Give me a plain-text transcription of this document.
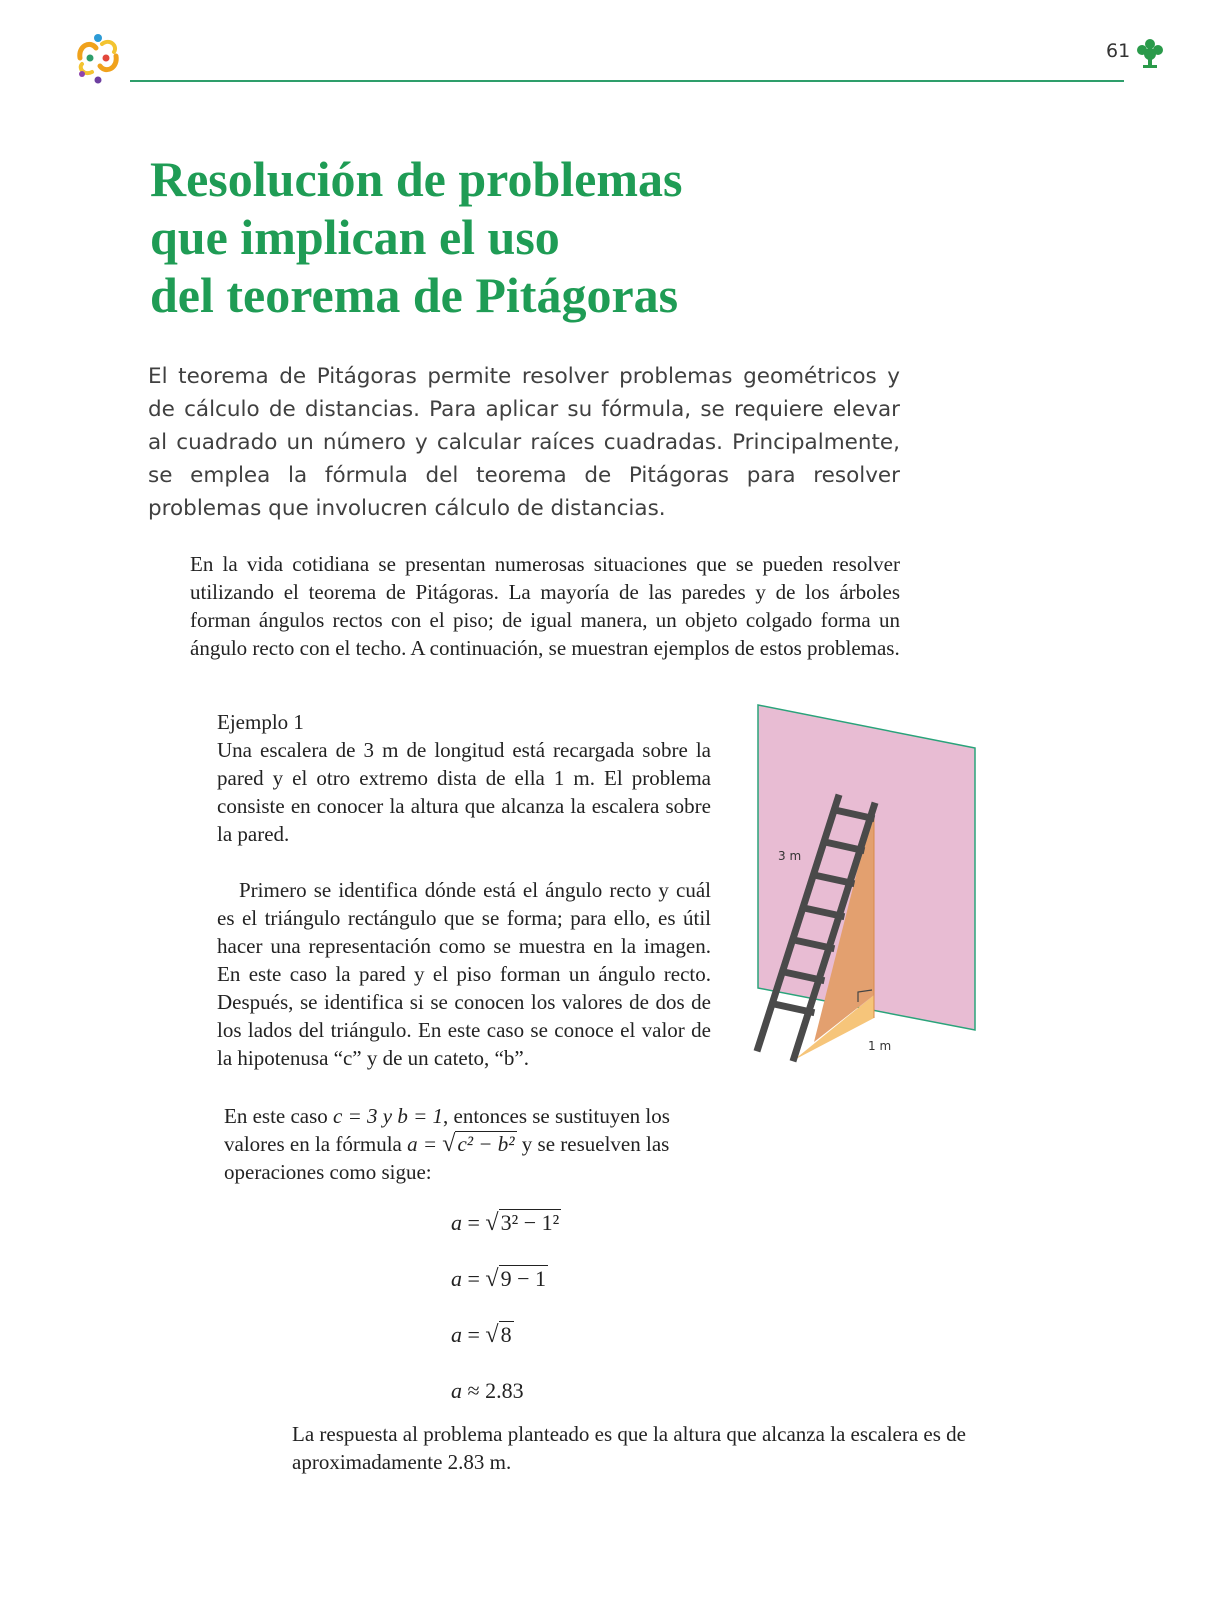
61
Resolución de problemas
que implican el uso
del teorema de Pitágoras

El teorema de Pitágoras permite resolver problemas geométricos y de cálculo de distancias. Para aplicar su fórmula, se requiere elevar al cuadrado un número y calcular raíces cuadradas. Principalmente, se emplea la fórmula del teorema de Pitágoras para resolver problemas que involucren cálculo de distancias.

En la vida cotidiana se presentan numerosas situaciones que se pueden resolver utilizando el teorema de Pitágoras. La mayoría de las paredes y de los árboles forman ángulos rectos con el piso; de igual manera, un objeto colgado forma un ángulo recto con el techo. A continuación, se muestran ejemplos de estos problemas.

Ejemplo 1

Una escalera de 3 m de longitud está recargada sobre la pared y el otro extremo dista de ella 1 m. El problema consiste en conocer la altura que alcanza la escalera sobre la pared.

Primero se identifica dónde está el ángulo recto y cuál es el triángulo rectángulo que se forma; para ello, es útil hacer una representación como se muestra en la imagen. En este caso la pared y el piso forman un ángulo recto. Después, se identifica si se conocen los valores de dos de los lados del triángulo. En este caso se conoce el valor de la hipotenusa “c” y de un cateto, “b”.

En este caso c = 3 y b = 1, entonces se sustituyen los valores en la fórmula a = √c² − b² y se resuelven las operaciones como sigue:

3 m
1 m
a = √3² − 1²
a = √9 − 1
a = √8
a ≈ 2.83

La respuesta al problema planteado es que la altura que alcanza la escalera es de aproximadamente 2.83 m.
